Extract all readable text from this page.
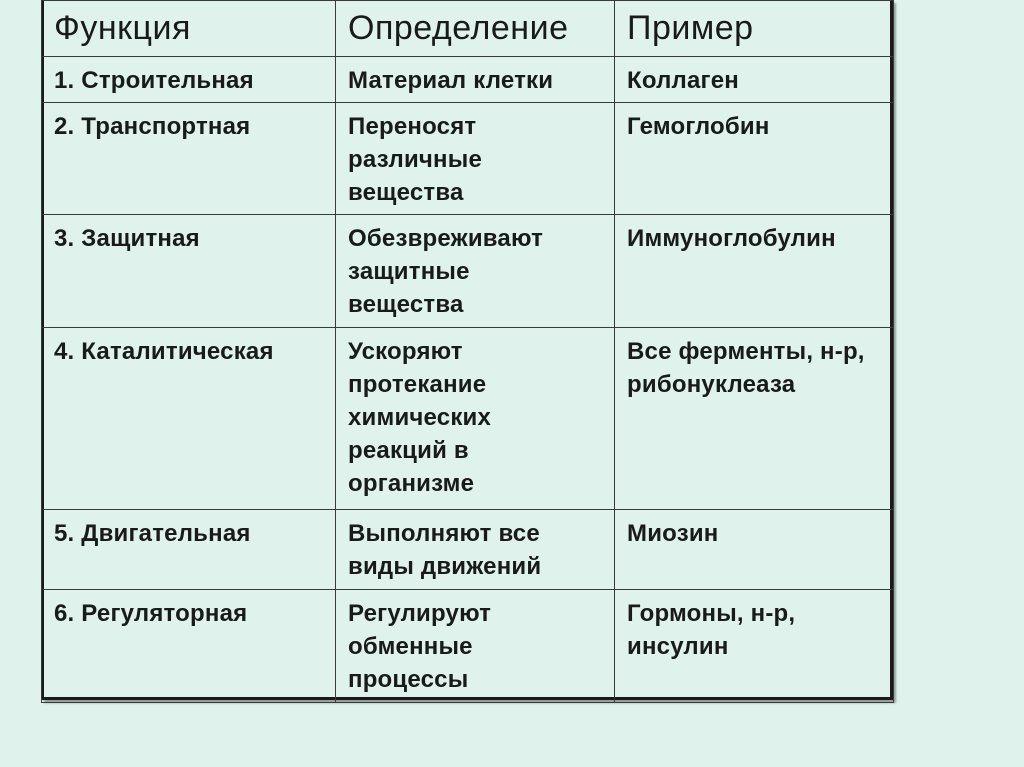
Функция	Определение	Пример

1. Строительная	Материал клетки	Коллаген

2. Транспортная	Переносят различные вещества	Гемоглобин

3. Защитная	Обезвреживают защитные вещества	Иммуноглобулин

4. Каталитическая	Ускоряют протекание химических реакций в организме	Все ферменты, н-р, рибонуклеаза

5. Двигательная	Выполняют все виды движений	Миозин

6. Регуляторная	Регулируют обменные процессы	Гормоны, н-р, инсулин
